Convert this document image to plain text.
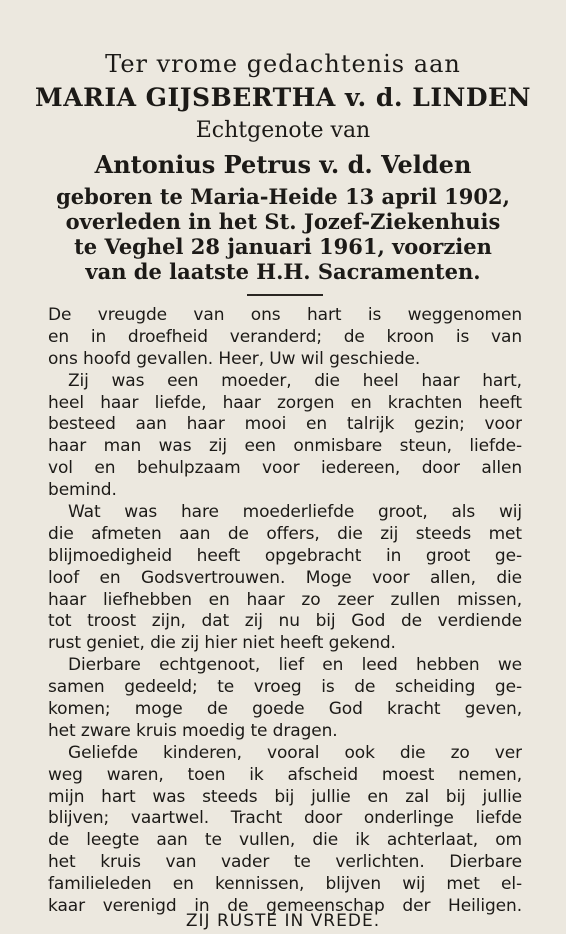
Ter vrome gedachtenis aan
MARIA GIJSBERTHA v. d. LINDEN
Echtgenote van
Antonius Petrus v. d. Velden
geboren te Maria-Heide 13 april 1902,
overleden in het St. Jozef-Ziekenhuis
te Veghel 28 januari 1961, voorzien
van de laatste H.H. Sacramenten.
De vreugde van ons hart is weggenomen
en in droefheid veranderd; de kroon is van
ons hoofd gevallen. Heer, Uw wil geschiede.
Zij was een moeder, die heel haar hart,
heel haar liefde, haar zorgen en krachten heeft
besteed aan haar mooi en talrijk gezin; voor
haar man was zij een onmisbare steun, liefde-
vol en behulpzaam voor iedereen, door allen
bemind.
Wat was hare moederliefde groot, als wij
die afmeten aan de offers, die zij steeds met
blijmoedigheid heeft opgebracht in groot ge-
loof en Godsvertrouwen. Moge voor allen, die
haar liefhebben en haar zo zeer zullen missen,
tot troost zijn, dat zij nu bij God de verdiende
rust geniet, die zij hier niet heeft gekend.
Dierbare echtgenoot, lief en leed hebben we
samen gedeeld; te vroeg is de scheiding ge-
komen; moge de goede God kracht geven,
het zware kruis moedig te dragen.
Geliefde kinderen, vooral ook die zo ver
weg waren, toen ik afscheid moest nemen,
mijn hart was steeds bij jullie en zal bij jullie
blijven; vaartwel. Tracht door onderlinge liefde
de leegte aan te vullen, die ik achterlaat, om
het kruis van vader te verlichten. Dierbare
familieleden en kennissen, blijven wij met el-
kaar verenigd in de gemeenschap der Heiligen.
ZIJ RUSTE IN VREDE.
